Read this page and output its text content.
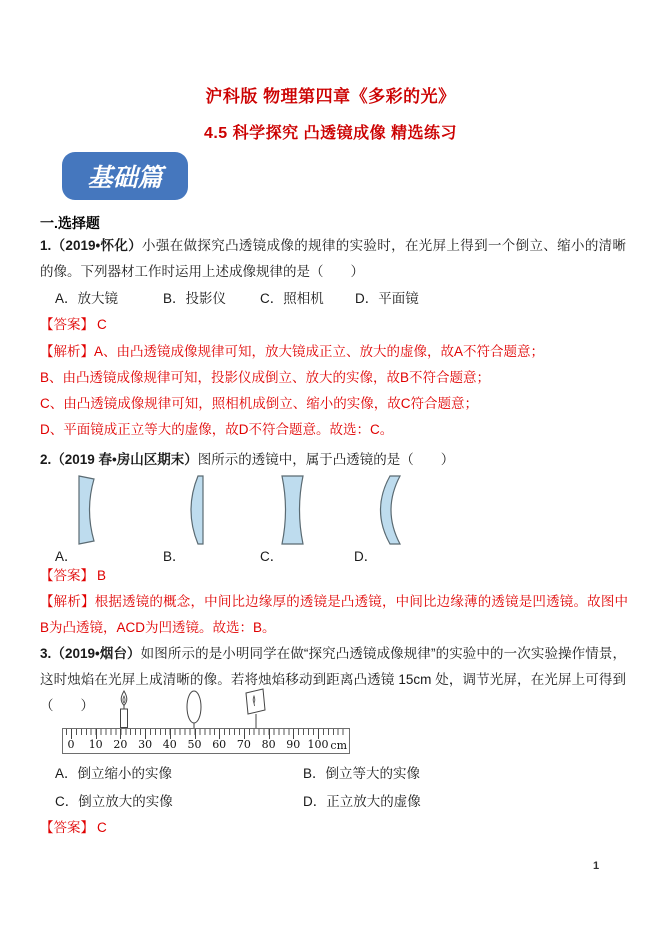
沪科版 物理第四章《多彩的光》
4.5 科学探究 凸透镜成像 精选练习
基础篇
一.选择题

1.（2019•怀化）小强在做探究凸透镜成像的规律的实验时，在光屏上得到一个倒立、缩小的清晰的像。下列器材工作时运用上述成像规律的是（　　）

A．放大镜	B．投影仪	C．照相机 D．平面镜

【答案】 C

【解析】A、由凸透镜成像规律可知，放大镜成正立、放大的虚像，故A不符合题意；

B、由凸透镜成像规律可知，投影仪成倒立、放大的实像，故B不符合题意；

C、由凸透镜成像规律可知，照相机成倒立、缩小的实像，故C符合题意；

D、平面镜成正立等大的虚像，故D不符合题意。故选：C。

2.（2019 春•房山区期末）图所示的透镜中，属于凸透镜的是（　　）

A．	B．	C．	D．

【答案】 B

【解析】根据透镜的概念，中间比边缘厚的透镜是凸透镜，中间比边缘薄的透镜是凹透镜。故图中B为凸透镜，ACD为凹透镜。故选：B。

3.（2019•烟台）如图所示的是小明同学在做“探究凸透镜成像规律”的实验中的一次实验操作情景，这时烛焰在光屏上成清晰的像。若将烛焰移动到距离凸透镜 15cm 处，调节光屏，在光屏上可得到（　　）

cm
0 10 20 30 40 50 60 70 80 90 100
A．倒立缩小的实像	B．倒立等大的实像
C．倒立放大的实像	D．正立放大的虚像

【答案】 C

1
